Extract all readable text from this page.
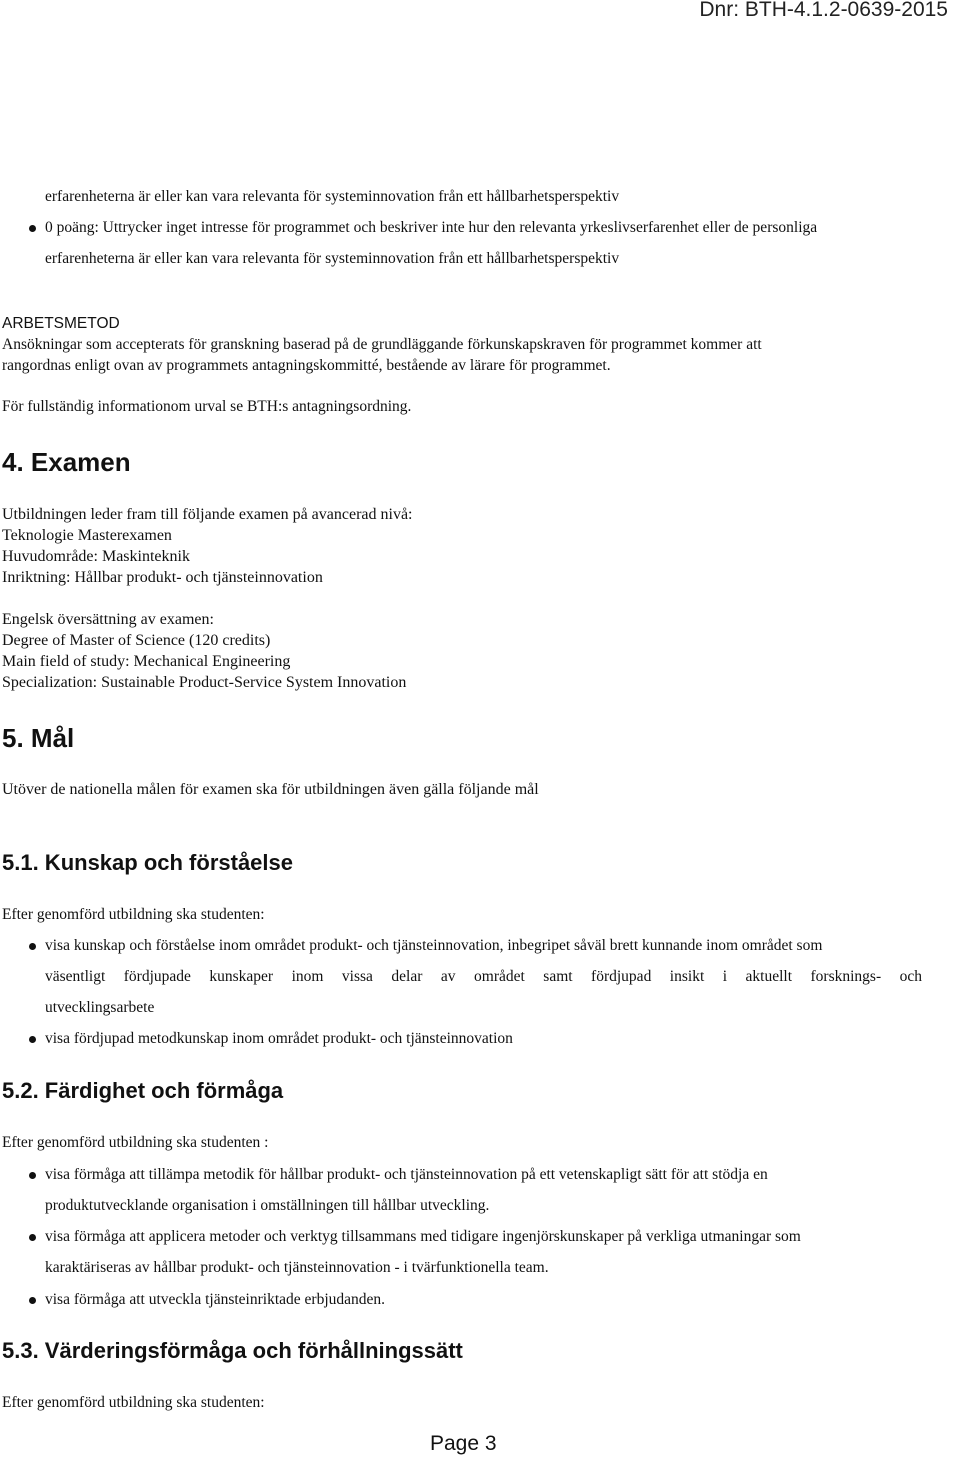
Dnr: BTH-4.1.2-0639-2015
erfarenheterna är eller kan vara relevanta för systeminnovation från ett hållbarhetsperspektiv
0 poäng: Uttrycker inget intresse för programmet och beskriver inte hur den relevanta yrkeslivserfarenhet eller de personliga
erfarenheterna är eller kan vara relevanta för systeminnovation från ett hållbarhetsperspektiv
ARBETSMETOD
Ansökningar som accepterats för granskning baserad på de grundläggande förkunskapskraven för programmet kommer att
rangordnas enligt ovan av programmets antagningskommitté, bestående av lärare för programmet.
För fullständig informationom urval se BTH:s antagningsordning.
4. Examen
Utbildningen leder fram till följande examen på avancerad nivå:
Teknologie Masterexamen
Huvudområde: Maskinteknik
Inriktning: Hållbar produkt- och tjänsteinnovation
Engelsk översättning av examen:
Degree of Master of Science (120 credits)
Main field of study: Mechanical Engineering
Specialization: Sustainable Product-Service System Innovation
5. Mål
Utöver de nationella målen för examen ska för utbildningen även gälla följande mål
5.1. Kunskap och förståelse
Efter genomförd utbildning ska studenten:
visa kunskap och förståelse inom området produkt- och tjänsteinnovation, inbegripet såväl brett kunnande inom området som
väsentligt fördjupade kunskaper inom vissa delar av området samt fördjupad insikt i aktuellt forsknings- och
utvecklingsarbete
visa fördjupad metodkunskap inom området produkt- och tjänsteinnovation
5.2. Färdighet och förmåga
Efter genomförd utbildning ska studenten :
visa förmåga att tillämpa metodik för hållbar produkt- och tjänsteinnovation på ett vetenskapligt sätt för att stödja en
produktutvecklande organisation i omställningen till hållbar utveckling.
visa förmåga att applicera metoder och verktyg tillsammans med tidigare ingenjörskunskaper på verkliga utmaningar som
karaktäriseras av hållbar produkt- och tjänsteinnovation - i tvärfunktionella team.
visa förmåga att utveckla tjänsteinriktade erbjudanden.
5.3. Värderingsförmåga och förhållningssätt
Efter genomförd utbildning ska studenten:
Page 3
